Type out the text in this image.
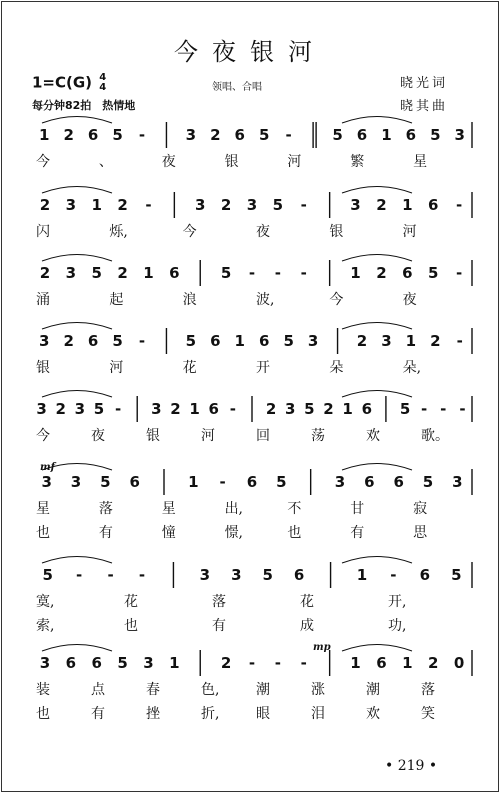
今夜银河
1=C(G) 4
4
每分钟82拍　热情地
领唱、合唱	晓光词
晓其曲
1 2 6 5 -	3 2 6 5 -	5 6 1 6 5 3
今	、	夜	银	河	繁	星
2 3 1 2 -	3 2 3 5 -	3 2 1 6 -
闪	烁,	今	夜	银	河
2 3 5 2 1 6	5 - - -	1 2 6 5 -
涌	起	浪	波,	今	夜
3 2 6 5 -	5 6 1 6 5 3	2 3 1 2 -
银	河	花	开	朵	朵,
3 2 3 5 - 3 2 1 6 - 2 3 5 2 1 6 5 - - -
今	夜	银	河	回	荡	欢	歌。
3 3 5 6	1 - 6 5	3 6 6 5 3
星	落	星	出,	不	甘	寂
也	有	憧	憬,	也	有	思
5 - - -	3 3 5 6	1 - 6 5
寞,	花	落	花	开,
索,	也	有	成	功,
3 6 6 5 3 1	2 - - -	1 6 1 2 0
装	点	春	色,	潮	涨	潮	落
也	有	挫	折,	眼	泪	欢	笑
mf
mp
• 219 •
